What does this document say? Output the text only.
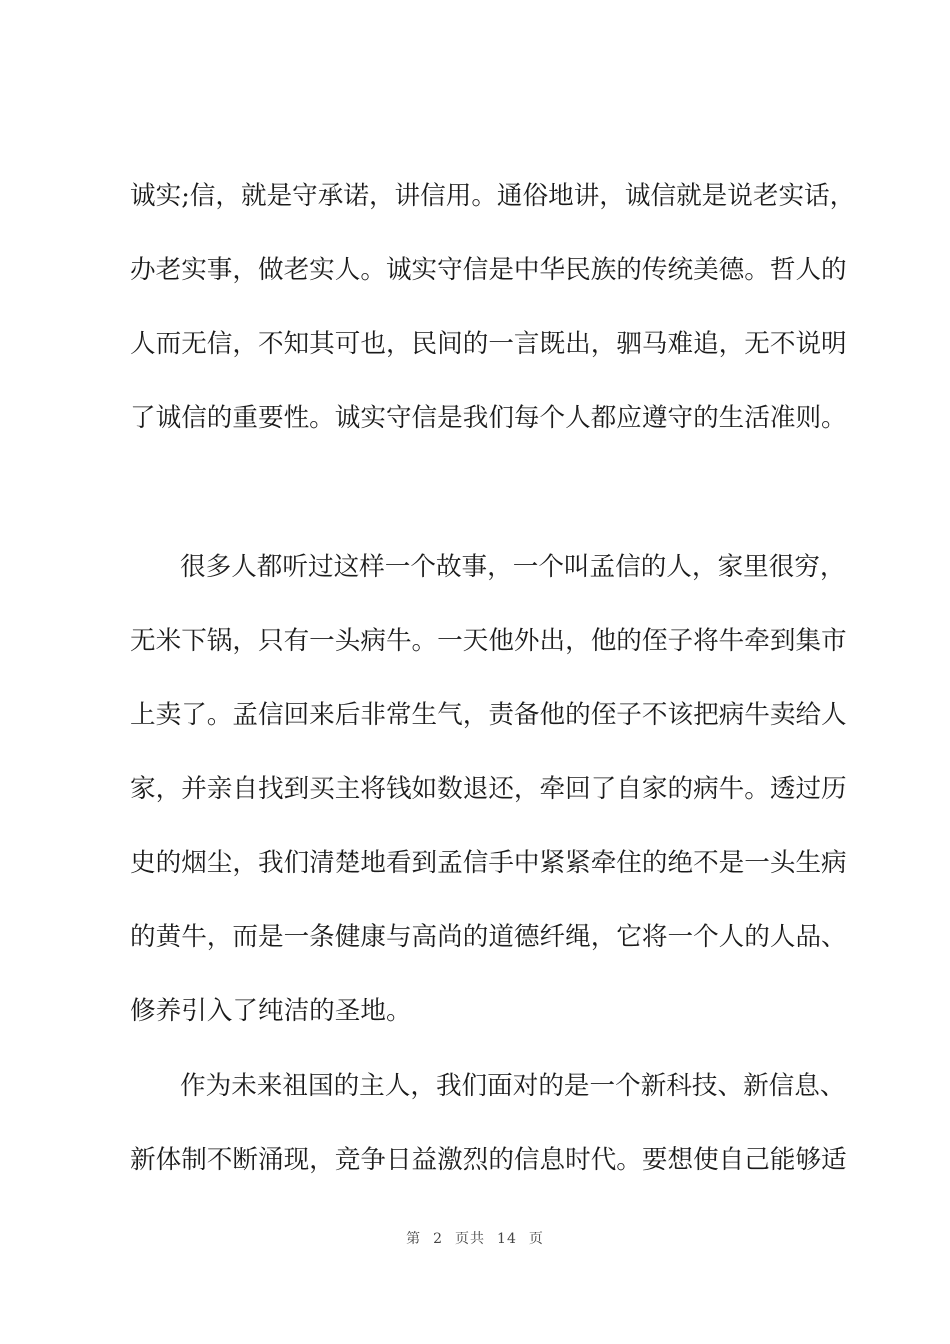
诚实;信，就是守承诺，讲信用。通俗地讲，诚信就是说老实话，
办老实事，做老实人。诚实守信是中华民族的传统美德。哲人的
人而无信，不知其可也，民间的一言既出，驷马难追，无不说明
了诚信的重要性。诚实守信是我们每个人都应遵守的生活准则。
很多人都听过这样一个故事，一个叫孟信的人，家里很穷，
无米下锅，只有一头病牛。一天他外出，他的侄子将牛牵到集市
上卖了。孟信回来后非常生气，责备他的侄子不该把病牛卖给人
家，并亲自找到买主将钱如数退还，牵回了自家的病牛。透过历
史的烟尘，我们清楚地看到孟信手中紧紧牵住的绝不是一头生病
的黄牛，而是一条健康与高尚的道德纤绳，它将一个人的人品、
修养引入了纯洁的圣地。
作为未来祖国的主人，我们面对的是一个新科技、新信息、
新体制不断涌现，竞争日益激烈的信息时代。要想使自己能够适
第 2 页共 14 页
